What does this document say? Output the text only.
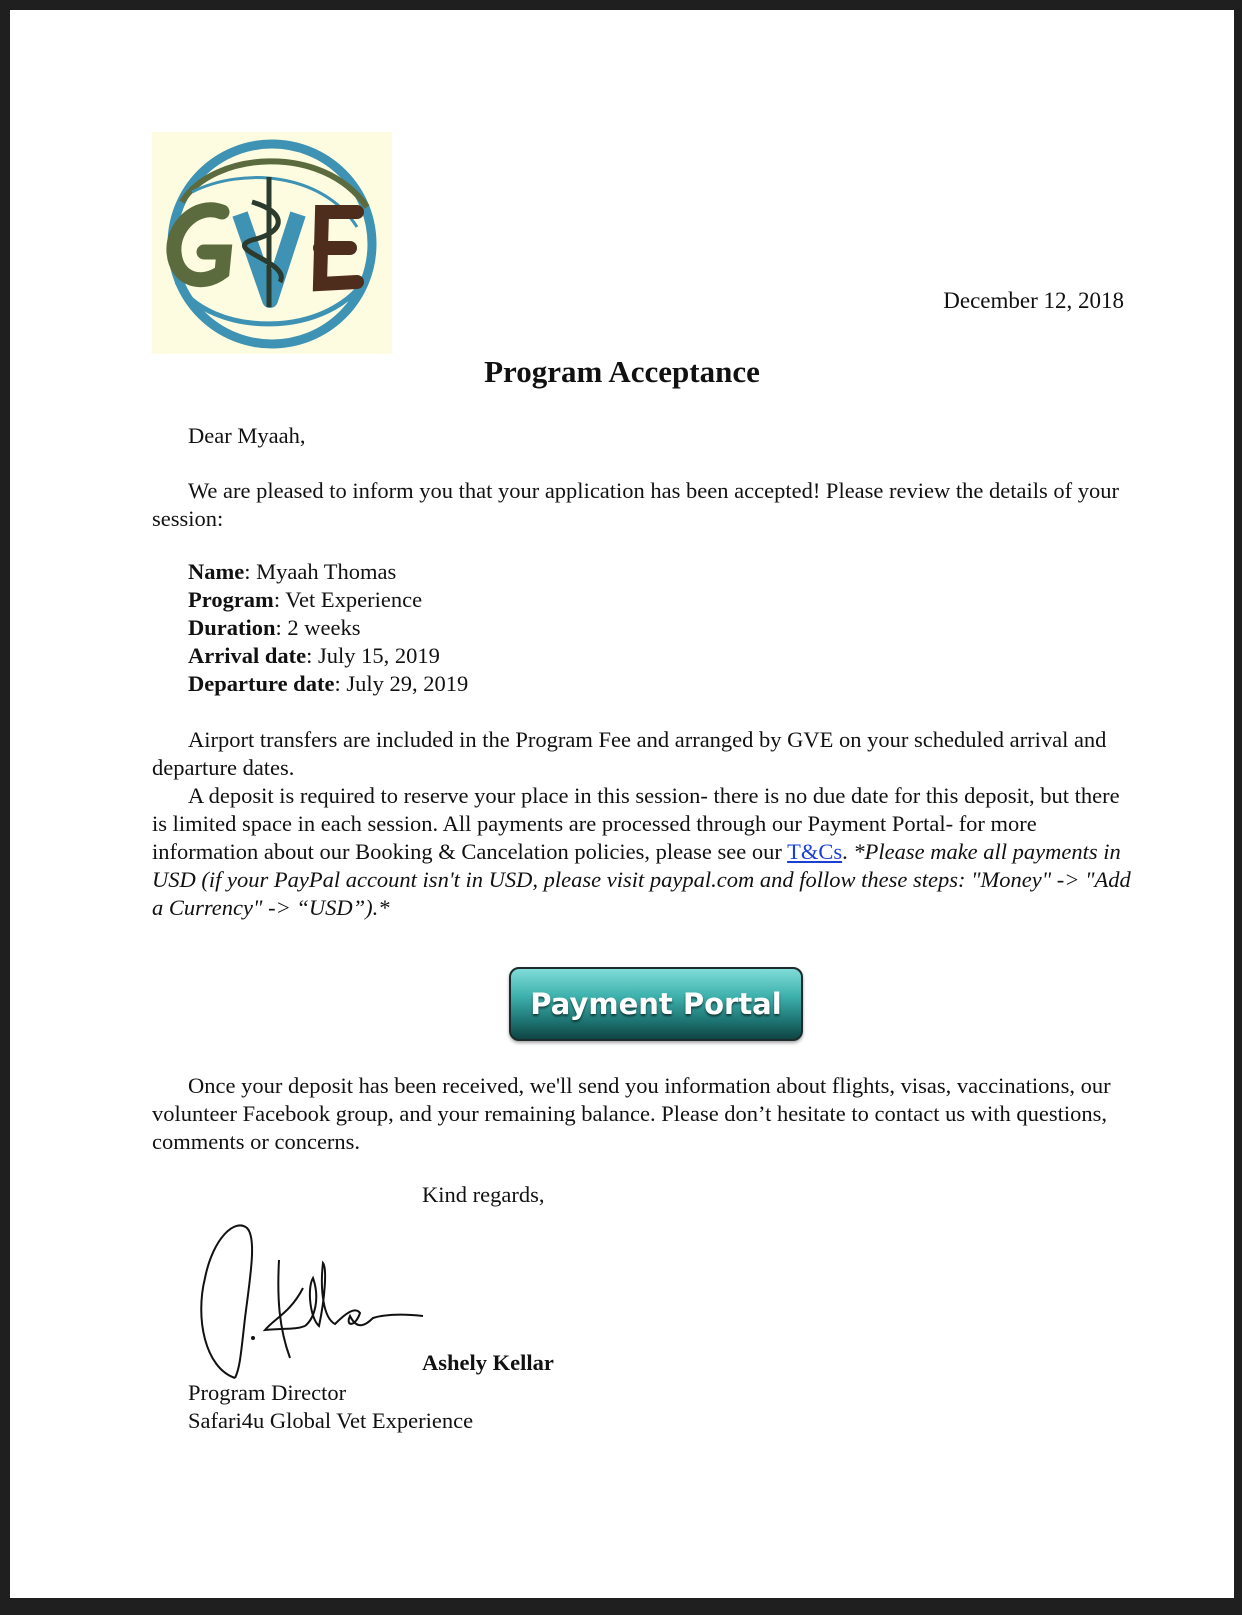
December 12, 2018
Program Acceptance

Dear Myaah,

We are pleased to inform you that your application has been accepted! Please review the details of your session:

Name: Myaah Thomas

Program: Vet Experience

Duration: 2 weeks

Arrival date: July 15, 2019

Departure date: July 29, 2019

Airport transfers are included in the Program Fee and arranged by GVE on your scheduled arrival and departure dates.

A deposit is required to reserve your place in this session- there is no due date for this deposit, but there is limited space in each session. All payments are processed through our Payment Portal- for more information about our Booking & Cancelation policies, please see our T&Cs. *Please make all payments in USD (if your PayPal account isn't in USD, please visit paypal.com and follow these steps: "Money" -> "Add a Currency" -> “USD”).*

Payment Portal

Once your deposit has been received, we'll send you information about flights, visas, vaccinations, our volunteer Facebook group, and your remaining balance. Please don’t hesitate to contact us with questions, comments or concerns.

Kind regards,
Ashely Kellar
Program Director
Safari4u Global Vet Experience
